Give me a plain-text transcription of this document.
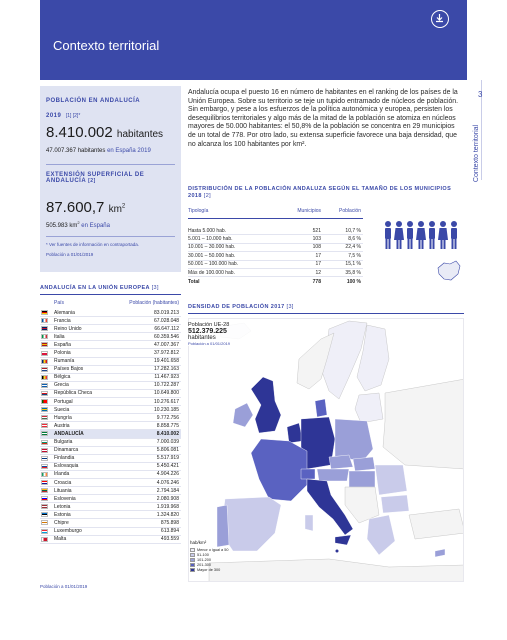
Contexto territorial
3
Contexto territorial
POBLACIÓN EN ANDALUCÍA
2019 [1] [2]*
8.410.002 habitantes
47.007.367 habitantes en España 2019
EXTENSIÓN SUPERFICIAL DE ANDALUCÍA [2]
87.600,7 $km^2$
505.983 $km^2$ en España
* Ver fuentes de información en contraportada.
Población a 01/01/2019
ANDALUCÍA EN LA UNIÓN EUROPEA [3]
País	Población (habitantes)
Alemania	83.019.213
Francia	67.028.048
Reino Unido	66.647.112
Italia	60.359.546
España	47.007.367
Polonia	37.972.812
Rumanía	19.401.658
Países Bajos	17.282.163
Bélgica	11.467.923
Grecia	10.722.287
República Checa	10.649.800
Portugal	10.276.617
Suecia	10.230.185
Hungría	9.772.756
Austria	8.858.775
ANDALUCÍA	8.410.002
Bulgaria	7.000.039
Dinamarca	5.806.081
Finlandia	5.517.919
Eslovaquia	5.450.421
Irlanda	4.904.226
Croacia	4.076.246
Lituania	2.794.184
Eslovenia	2.080.908
Letonia	1.919.968
Estonia	1.324.820
Chipre	875.898
Luxemburgo	613.894
Malta	493.559
Población a 01/01/2019
Andalucía ocupa el puesto 16 en número de habitantes en el ranking de los países de la Unión Europea. Sobre su territorio se teje un tupido entramado de núcleos de población. Sin embargo, y pese a los esfuerzos de la política autonómica y europea, persisten los desequilibrios territoriales y algo más de la mitad de la población se atomiza en núcleos mayores de 50.000 habitantes: el 50,8% de la población se concentra en 29 municipios de un total de 778. Por otro lado, su extensa superficie favorece una baja densidad, que no alcanza los 100 habitantes por km².
DISTRIBUCIÓN DE LA POBLACIÓN ANDALUZA SEGÚN EL TAMAÑO DE LOS MUNICIPIOS 2018 [2]
Tipología	Municipios	Población
Hasta 5.000 hab.	521	10,7 %
5.001 – 10.000 hab.	103	8,6 %
10.001 – 30.000 hab.	108	22,4 %
30.001 – 50.000 hab.	17	7,5 %
50.001 – 100.000 hab.	17	15,1 %
Más de 100.000 hab.	12	35,8 %
Total	778	100 %
DENSIDAD DE POBLACIÓN 2017 [3]
Población UE-28
512.379.225
habitantes
Población a 01/01/2019
hab/km²
Menor o igual a 50
51-100
101-200
201-300
Mayor de 300
